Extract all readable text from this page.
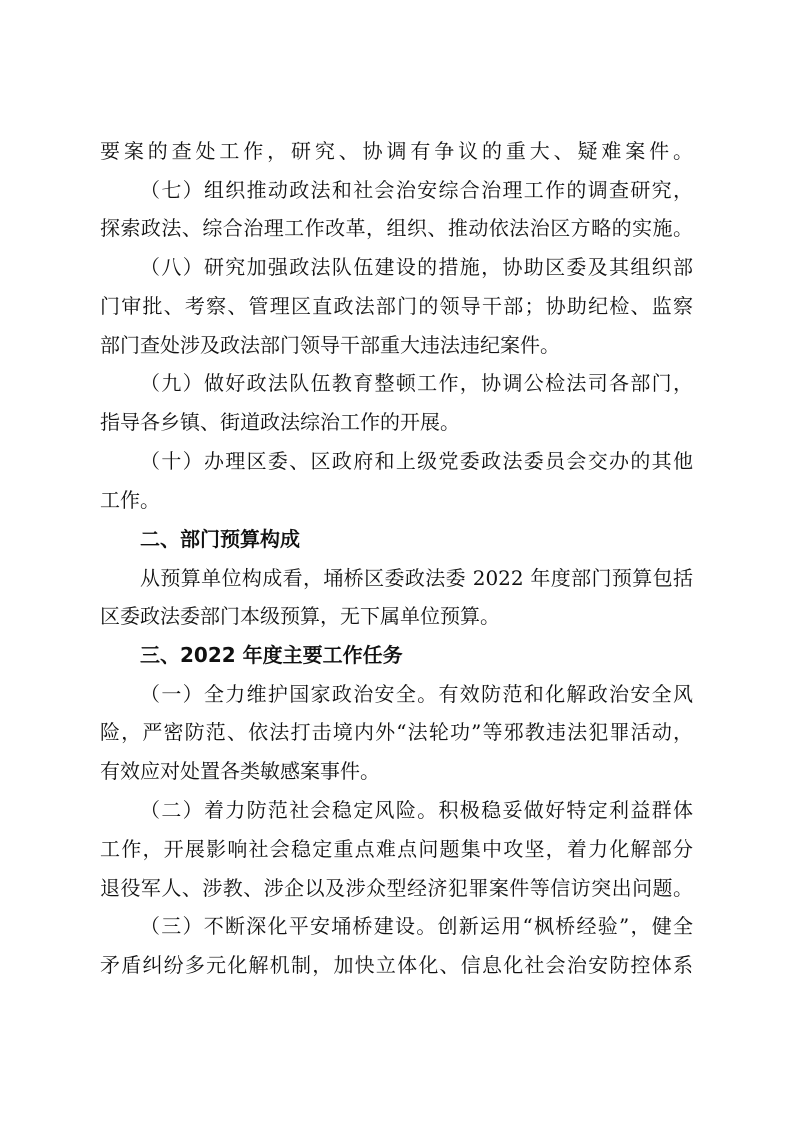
要案的查处工作，研究、协调有争议的重大、疑难案件。
（七）组织推动政法和社会治安综合治理工作的调查研究，
探索政法、综合治理工作改革，组织、推动依法治区方略的实施。
（八）研究加强政法队伍建设的措施，协助区委及其组织部
门审批、考察、管理区直政法部门的领导干部；协助纪检、监察
部门查处涉及政法部门领导干部重大违法违纪案件。
（九）做好政法队伍教育整顿工作，协调公检法司各部门，
指导各乡镇、街道政法综治工作的开展。
（十）办理区委、区政府和上级党委政法委员会交办的其他
工作。
二、部门预算构成
从预算单位构成看，埇桥区委政法委 2022 年度部门预算包括
区委政法委部门本级预算，无下属单位预算。
三、2022 年度主要工作任务
（一）全力维护国家政治安全。有效防范和化解政治安全风
险，严密防范、依法打击境内外“法轮功”等邪教违法犯罪活动，
有效应对处置各类敏感案事件。
（二）着力防范社会稳定风险。积极稳妥做好特定利益群体
工作，开展影响社会稳定重点难点问题集中攻坚，着力化解部分
退役军人、涉教、涉企以及涉众型经济犯罪案件等信访突出问题。
（三）不断深化平安埇桥建设。创新运用“枫桥经验”，健全
矛盾纠纷多元化解机制，加快立体化、信息化社会治安防控体系
